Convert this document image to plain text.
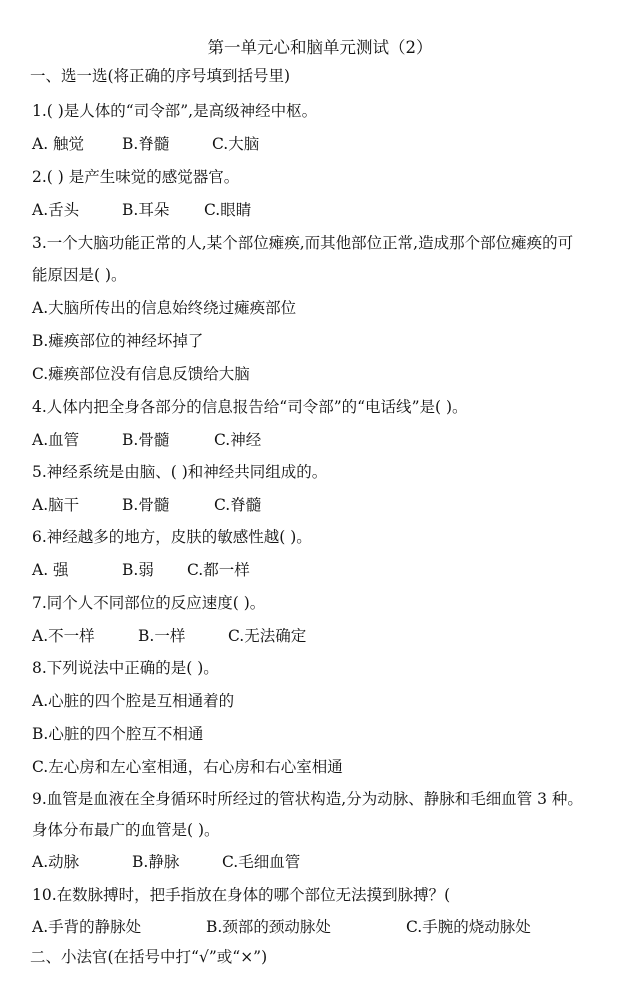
第一单元心和脑单元测试（2）
一、选一选(将正确的序号填到括号里)
1.( )是人体的“司令部”,是高级神经中枢。
A. 触觉 B.脊髓	C.大脑
2.( ) 是产生味觉的感觉器官。
A.舌头	B.耳朵 C.眼睛
3.一个大脑功能正常的人,某个部位瘫痪,而其他部位正常,造成那个部位瘫痪的可
能原因是( )。
A.大脑所传出的信息始终绕过瘫痪部位
B.瘫痪部位的神经坏掉了
C.瘫痪部位没有信息反馈给大脑
4.人体内把全身各部分的信息报告给“司令部”的“电话线”是( )。
A.血管	B.骨髓	C.神经
5.神经系统是由脑、( )和神经共同组成的。
A.脑干	B.骨髓	C.脊髓
6.神经越多的地方，皮肤的敏感性越( )。
A. 强	B.弱 C.都一样
7.同个人不同部位的反应速度( )。
A.不一样	B.一样	C.无法确定
8.下列说法中正确的是( )。
A.心脏的四个腔是互相通着的
B.心脏的四个腔互不相通
C.左心房和左心室相通，右心房和右心室相通
9.血管是血液在全身循环时所经过的管状构造,分为动脉、静脉和毛细血管 3 种。
身体分布最广的血管是( )。
A.动脉	B.静脉	C.毛细血管
10.在数脉搏时，把手指放在身体的哪个部位无法摸到脉搏？(
A.手背的静脉处	B.颈部的颈动脉处	C.手腕的烧动脉处
二、小法官(在括号中打“√”或“×”)
